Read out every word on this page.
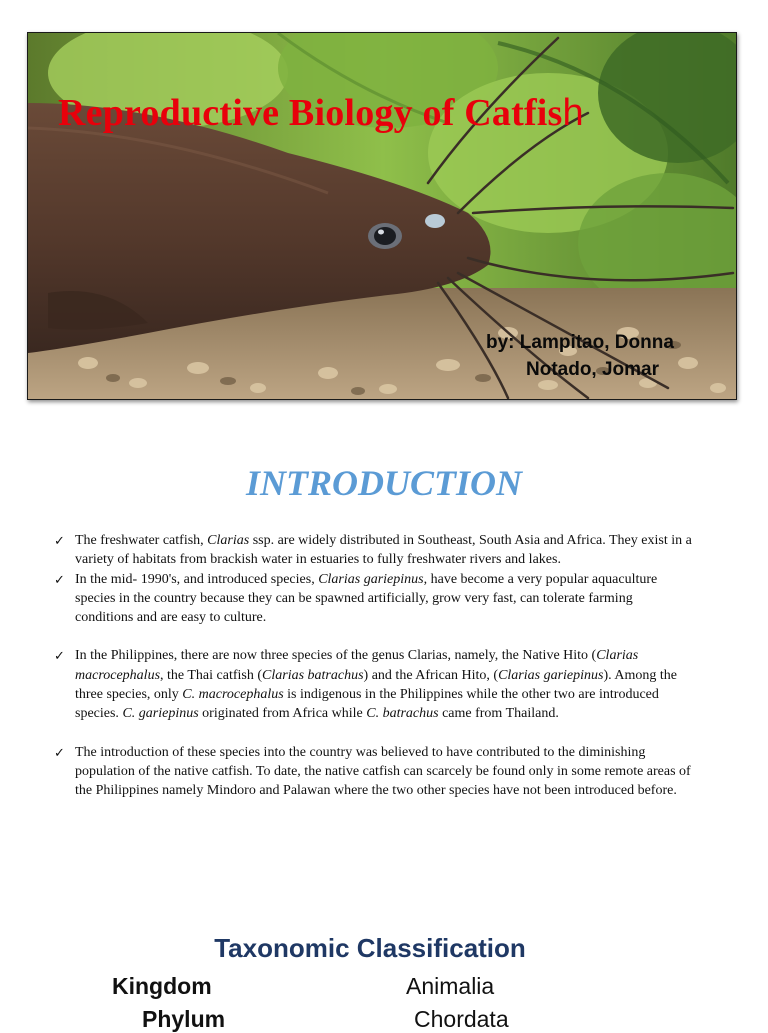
Reproductive Biology of Catfish

by: Lampitao, Donna
Notado, Jomar

INTRODUCTION
✓ The freshwater catfish, Clarias ssp. are widely distributed in Southeast, South Asia and Africa. They exist in a variety of habitats from brackish water in estuaries to fully freshwater rivers and lakes.
✓ In the mid- 1990's, and introduced species, Clarias gariepinus, have become a very popular aquaculture species in the country because they can be spawned artificially, grow very fast, can tolerate farming conditions and are easy to culture.
✓ In the Philippines, there are now three species of the genus Clarias, namely, the Native Hito (Clarias macrocephalus, the Thai catfish (Clarias batrachus) and the African Hito, (Clarias gariepinus). Among the three species, only C. macrocephalus is indigenous in the Philippines while the other two are introduced species. C. gariepinus originated from Africa while C. batrachus came from Thailand.
✓ The introduction of these species into the country was believed to have contributed to the diminishing population of the native catfish. To date, the native catfish can scarcely be found only in some remote areas of the Philippines namely Mindoro and Palawan where the two other species have not been introduced before.
Taxonomic Classification
Kingdom	Animalia
Phylum	Chordata
